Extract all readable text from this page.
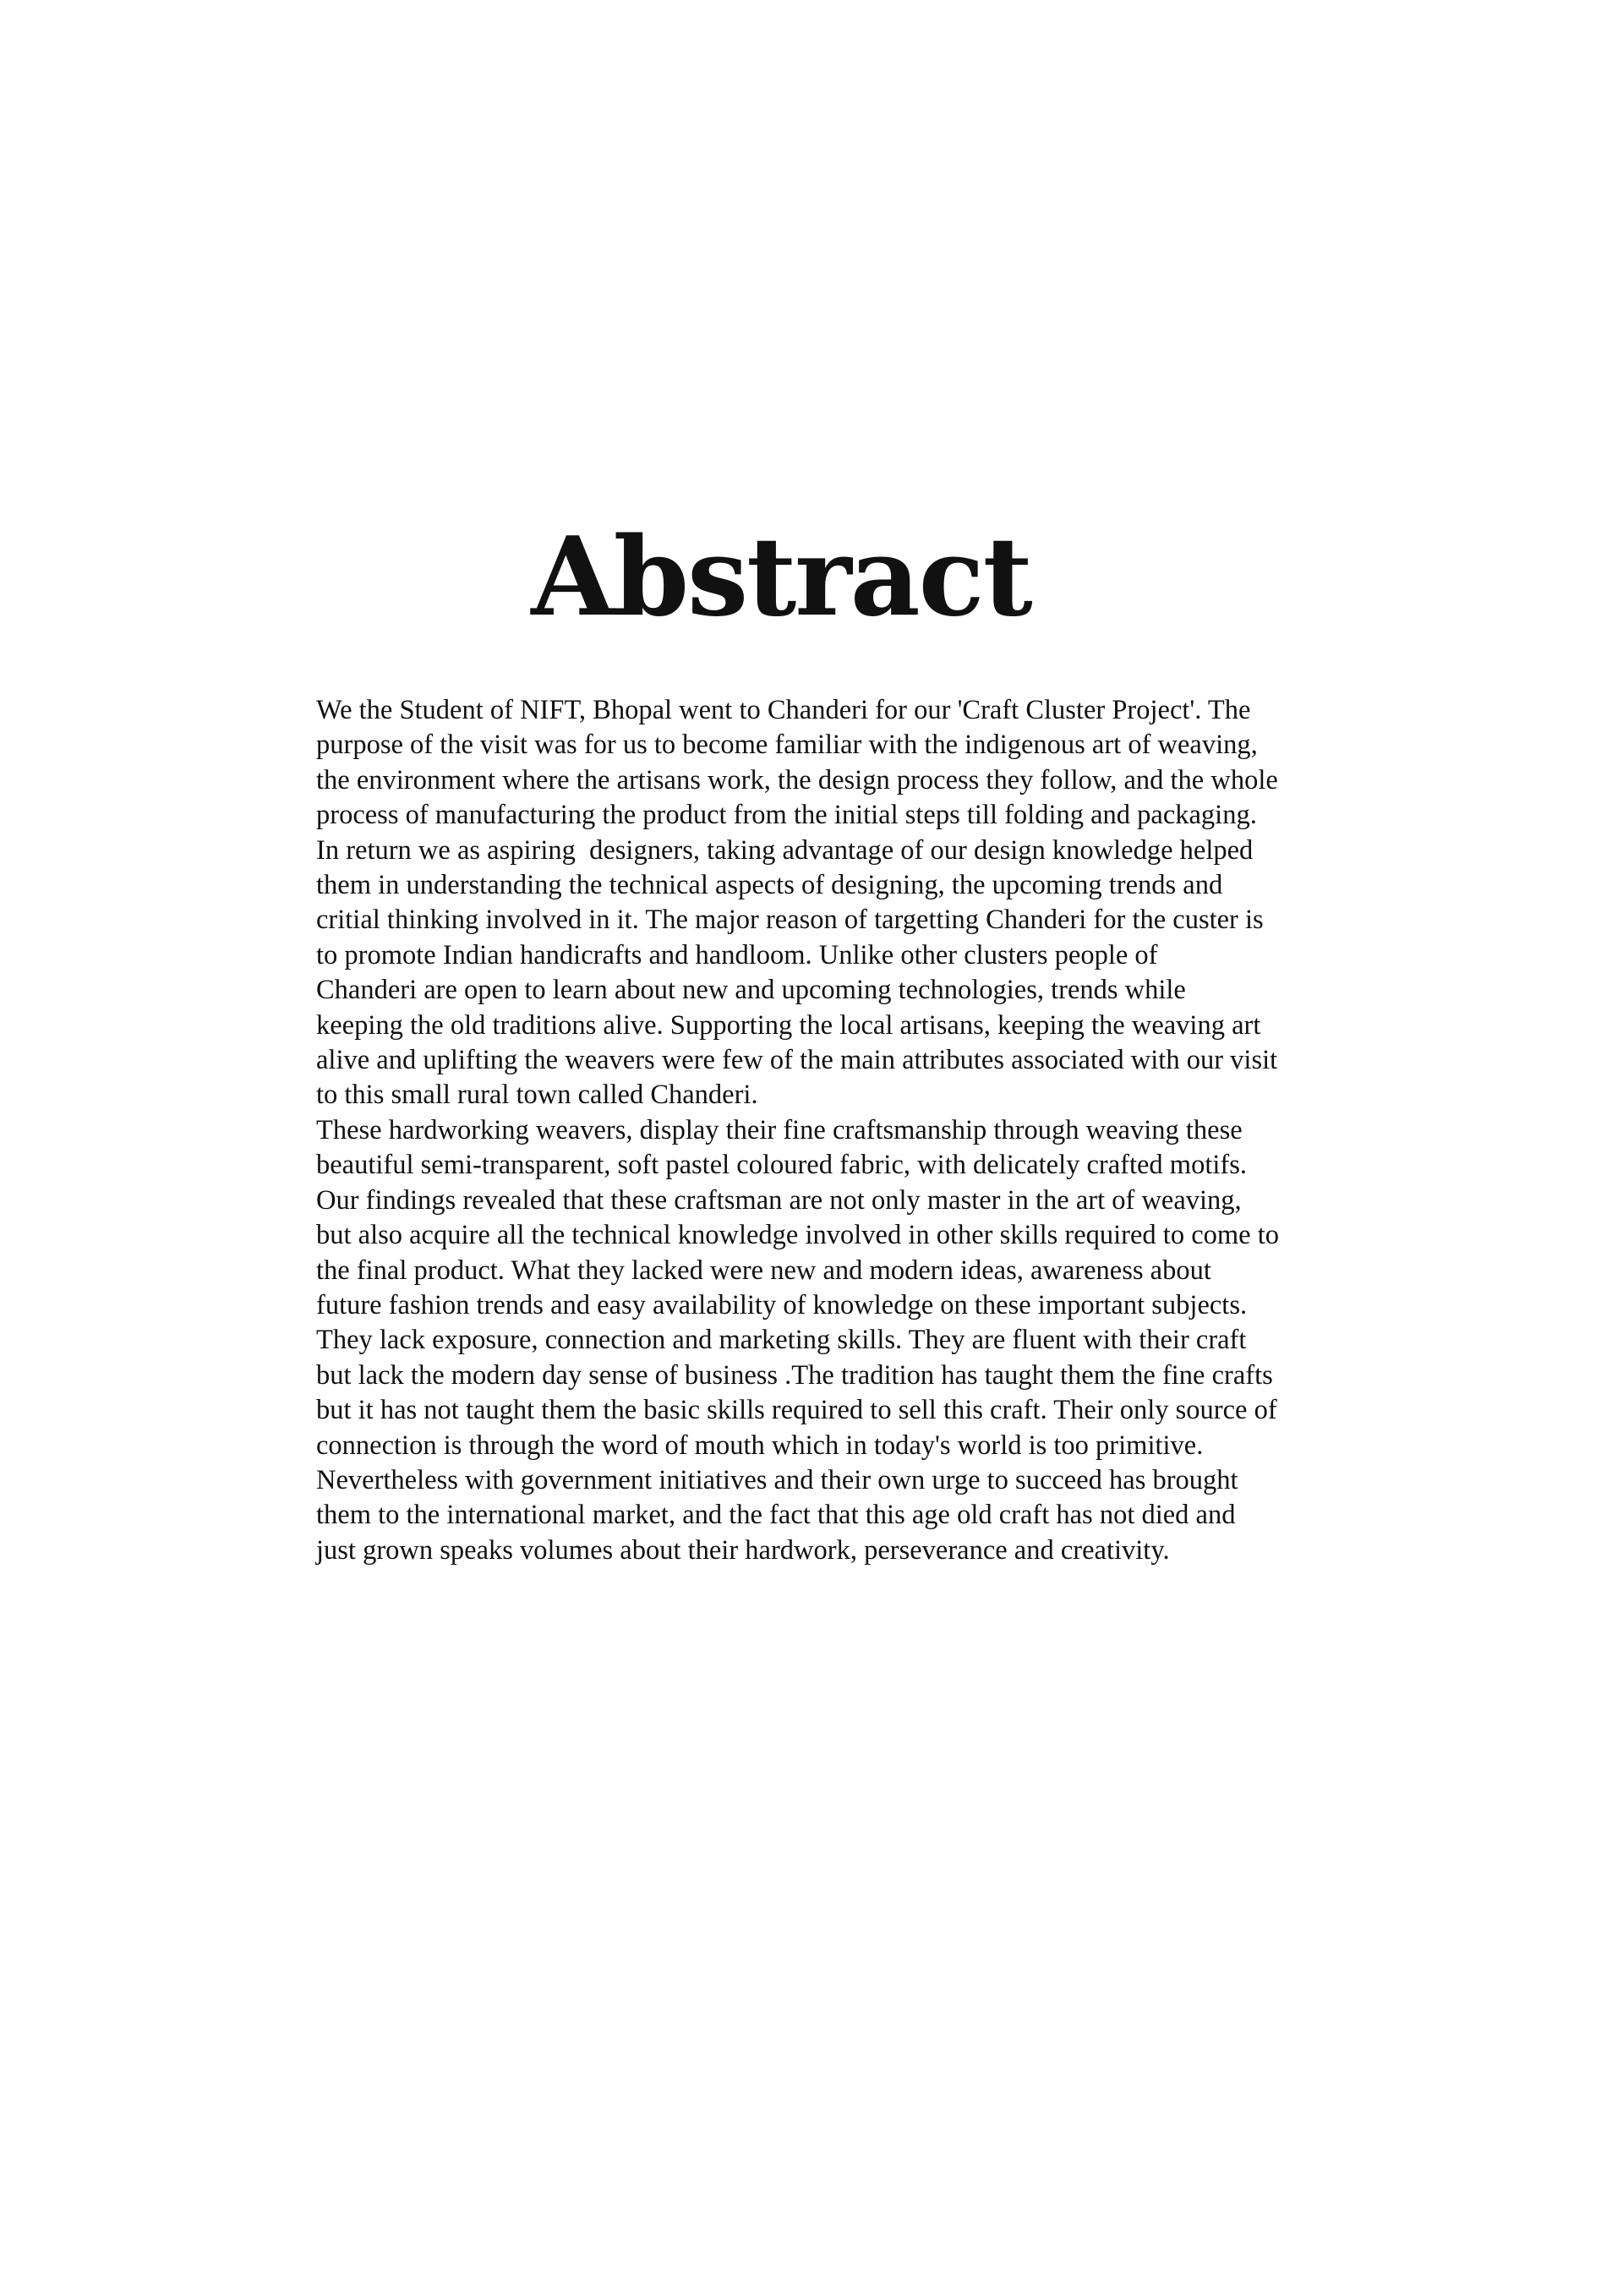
Abstract
We the Student of NIFT, Bhopal went to Chanderi for our 'Craft Cluster Project'. The
purpose of the visit was for us to become familiar with the indigenous art of weaving,
the environment where the artisans work, the design process they follow, and the whole
process of manufacturing the product from the initial steps till folding and packaging.
In return we as aspiring  designers, taking advantage of our design knowledge helped
them in understanding the technical aspects of designing, the upcoming trends and
critial thinking involved in it. The major reason of targetting Chanderi for the custer is
to promote Indian handicrafts and handloom. Unlike other clusters people of
Chanderi are open to learn about new and upcoming technologies, trends while
keeping the old traditions alive. Supporting the local artisans, keeping the weaving art
alive and uplifting the weavers were few of the main attributes associated with our visit
to this small rural town called Chanderi.
These hardworking weavers, display their fine craftsmanship through weaving these
beautiful semi-transparent, soft pastel coloured fabric, with delicately crafted motifs.
Our findings revealed that these craftsman are not only master in the art of weaving,
but also acquire all the technical knowledge involved in other skills required to come to
the final product. What they lacked were new and modern ideas, awareness about
future fashion trends and easy availability of knowledge on these important subjects.
They lack exposure, connection and marketing skills. They are fluent with their craft
but lack the modern day sense of business .The tradition has taught them the fine crafts
but it has not taught them the basic skills required to sell this craft. Their only source of
connection is through the word of mouth which in today's world is too primitive.
Nevertheless with government initiatives and their own urge to succeed has brought
them to the international market, and the fact that this age old craft has not died and
just grown speaks volumes about their hardwork, perseverance and creativity.
